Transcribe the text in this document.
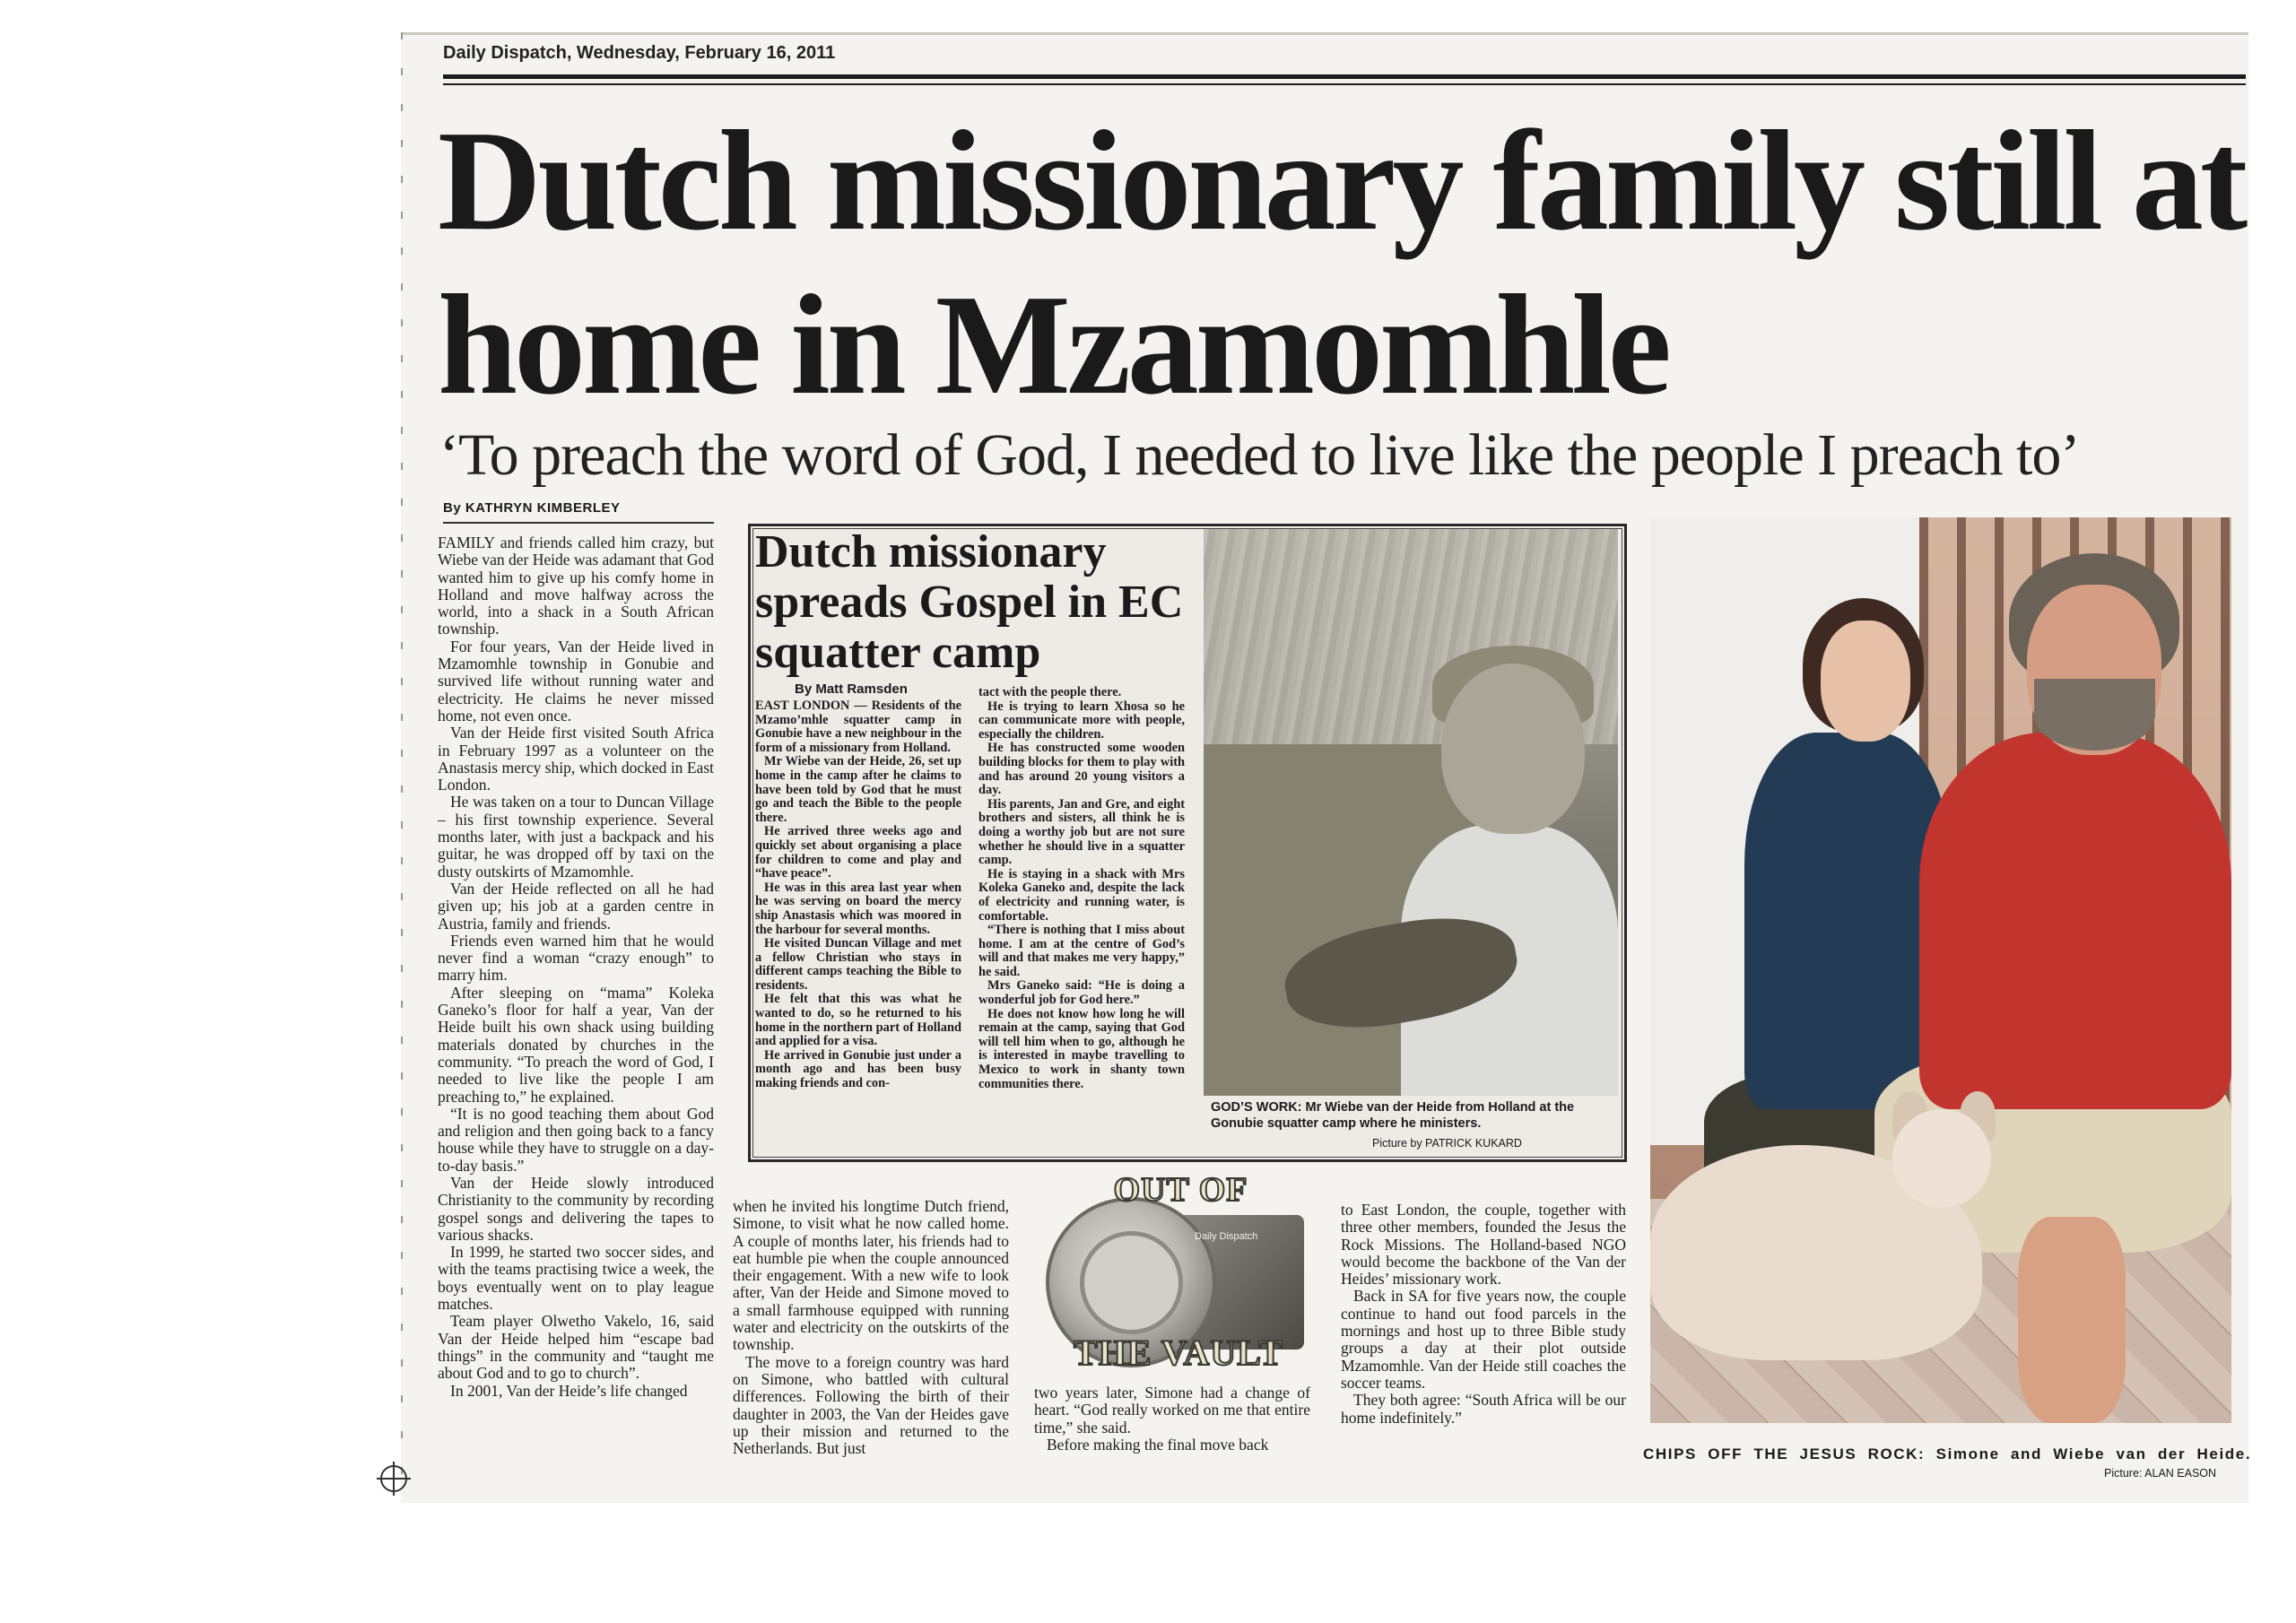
Daily Dispatch, Wednesday, February 16, 2011
Dutch missionary family still at home in Mzamomhle
‘To preach the word of God, I needed to live like the people I preach to’
By KATHRYN KIMBERLEY

FAMILY and friends called him crazy, but Wiebe van der Heide was adamant that God wanted him to give up his comfy home in Holland and move halfway across the world, into a shack in a South African township.

For four years, Van der Heide lived in Mzamomhle township in Gonubie and survived life without running water and electricity. He claims he never missed home, not even once.

Van der Heide first visited South Africa in February 1997 as a volunteer on the Anastasis mercy ship, which docked in East London.

He was taken on a tour to Duncan Village – his first township experience. Several months later, with just a backpack and his guitar, he was dropped off by taxi on the dusty outskirts of Mzamomhle.

Van der Heide reflected on all he had given up; his job at a garden centre in Austria, family and friends.

Friends even warned him that he would never find a woman “crazy enough” to marry him.

After sleeping on “mama” Koleka Ganeko’s floor for half a year, Van der Heide built his own shack using building materials donated by churches in the community. “To preach the word of God, I needed to live like the people I am preaching to,” he explained.

“It is no good teaching them about God and religion and then going back to a fancy house while they have to struggle on a day-to-day basis.”

Van der Heide slowly introduced Christianity to the community by recording gospel songs and delivering the tapes to various shacks.

In 1999, he started two soccer sides, and with the teams practising twice a week, the boys eventually went on to play league matches.

Team player Olwetho Vakelo, 16, said Van der Heide helped him “escape bad things” in the community and “taught me about God and to go to church”.

In 2001, Van der Heide’s life changed

Dutch missionary spreads Gospel in EC squatter camp
By Matt Ramsden

EAST LONDON — Residents of the Mzamo’mhle squatter camp in Gonubie have a new neighbour in the form of a missionary from Holland.

Mr Wiebe van der Heide, 26, set up home in the camp after he claims to have been told by God that he must go and teach the Bible to the people there.

He arrived three weeks ago and quickly set about organising a place for children to come and play and “have peace”.

He was in this area last year when he was serving on board the mercy ship Anastasis which was moored in the harbour for several months.

He visited Duncan Village and met a fellow Christian who stays in different camps teaching the Bible to residents.

He felt that this was what he wanted to do, so he returned to his home in the northern part of Holland and applied for a visa.

He arrived in Gonubie just under a month ago and has been busy making friends and con-

tact with the people there.

He is trying to learn Xhosa so he can communicate more with people, especially the children.

He has constructed some wooden building blocks for them to play with and has around 20 young visitors a day.

His parents, Jan and Gre, and eight brothers and sisters, all think he is doing a worthy job but are not sure whether he should live in a squatter camp.

He is staying in a shack with Mrs Koleka Ganeko and, despite the lack of electricity and running water, is comfortable.

“There is nothing that I miss about home. I am at the centre of God’s will and that makes me very happy,” he said.

Mrs Ganeko said: “He is doing a wonderful job for God here.”

He does not know how long he will remain at the camp, saying that God will tell him when to go, although he is interested in maybe travelling to Mexico to work in shanty town communities there.

GOD’S WORK: Mr Wiebe van der Heide from Holland at the Gonubie squatter camp where he ministers.
Picture by PATRICK KUKARD
Daily Dispatch
OUT OF
THE VAULT

when he invited his longtime Dutch friend, Simone, to visit what he now called home. A couple of months later, his friends had to eat humble pie when the couple announced their engagement. With a new wife to look after, Van der Heide and Simone moved to a small farmhouse equipped with running water and electricity on the outskirts of the township.

The move to a foreign country was hard on Simone, who battled with cultural differences. Following the birth of their daughter in 2003, the Van der Heides gave up their mission and returned to the Netherlands. But just

two years later, Simone had a change of heart. “God really worked on me that entire time,” she said.

Before making the final move back

to East London, the couple, together with three other members, founded the Jesus the Rock Missions. The Holland-based NGO would become the backbone of the Van der Heides’ missionary work.

Back in SA for five years now, the couple continue to hand out food parcels in the mornings and host up to three Bible study groups a day at their plot outside Mzamomhle. Van der Heide still coaches the soccer teams.

They both agree: “South Africa will be our home indefinitely.”

CHIPS OFF THE JESUS ROCK: Simone and Wiebe van der Heide.
Picture: ALAN EASON
